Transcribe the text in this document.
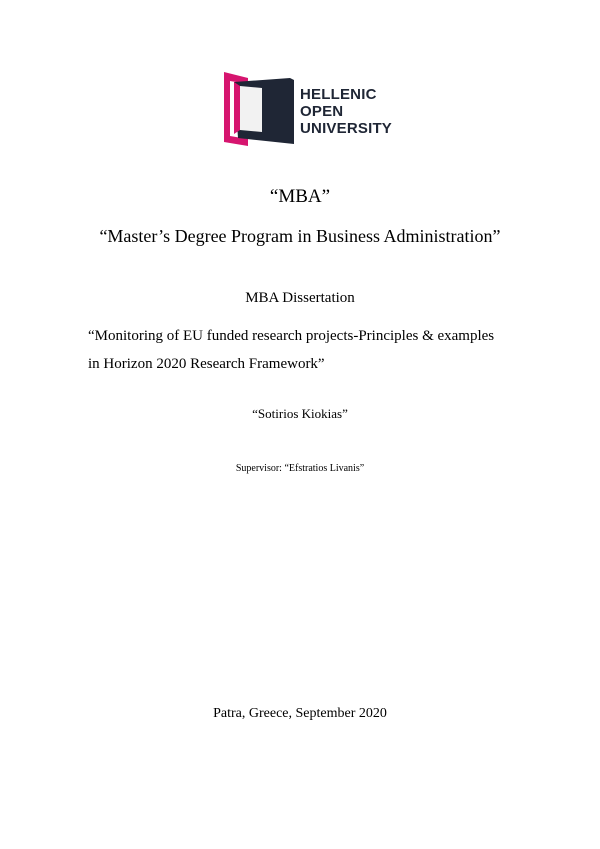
HELLENIC
OPEN
UNIVERSITY
“MBA”
“Master’s Degree Program in Business Administration”
MBA Dissertation
“Monitoring of EU funded research projects-Principles & examples
in Horizon 2020 Research Framework”
“Sotirios Kiokias”
Supervisor: “Efstratios Livanis”
Patra, Greece, September 2020
